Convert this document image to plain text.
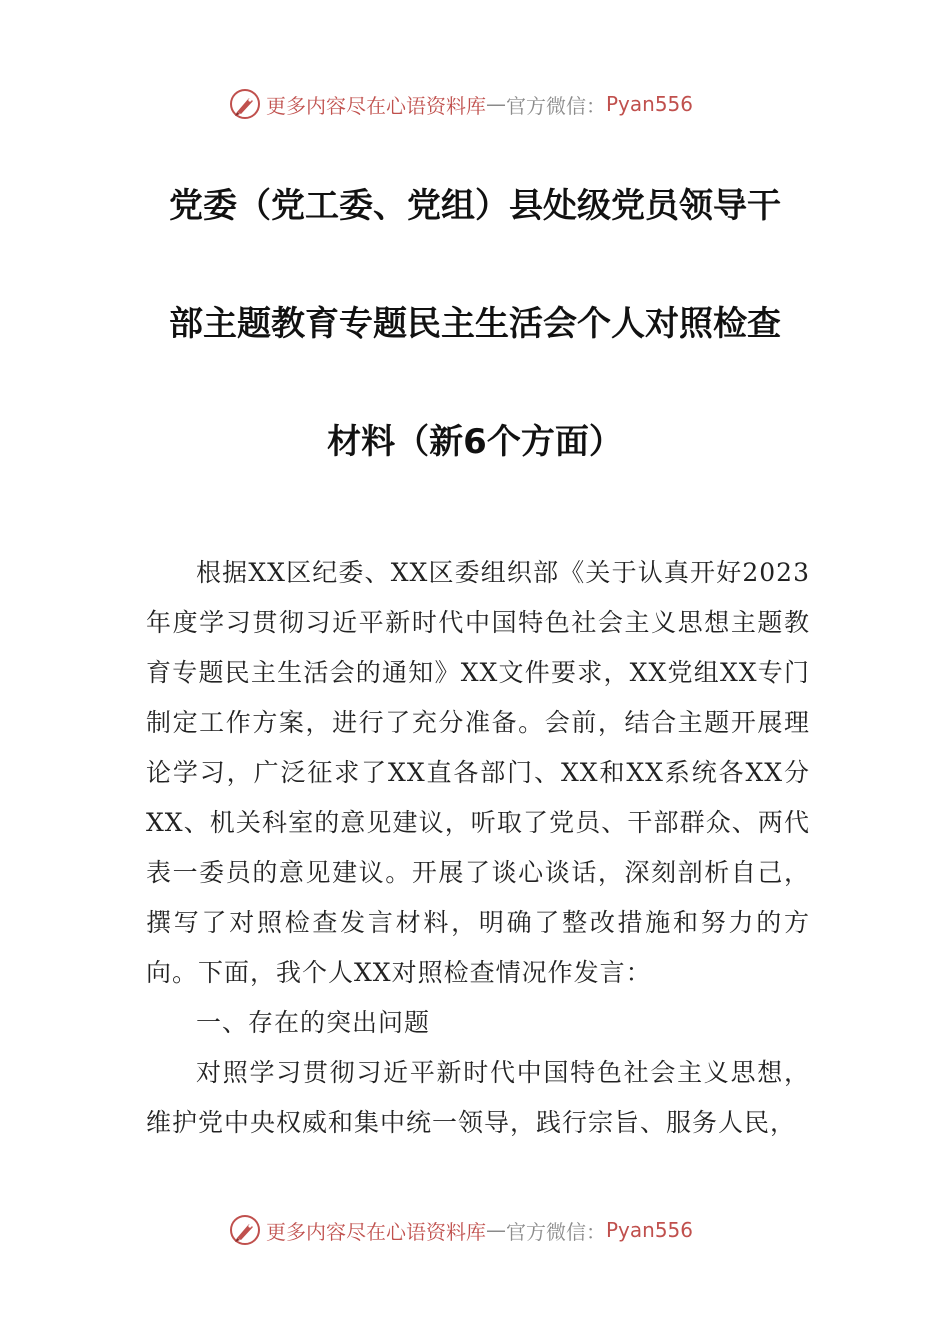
更多内容尽在心语资料库 — 官方微信： Pyan556
党委（党工委、党组）县处级党员领导干
部主题教育专题民主生活会个人对照检查
材料（新6个方面）

根据XX区纪委、XX区委组织部《关于认真开好2023年度学习贯彻习近平新时代中国特色社会主义思想主题教育专题民主生活会的通知》XX文件要求，XX党组XX专门制定工作方案，进行了充分准备。会前，结合主题开展理论学习，广泛征求了XX直各部门、XX和XX系统各XX分XX、机关科室的意见建议，听取了党员、干部群众、两代表一委员的意见建议。开展了谈心谈话，深刻剖析自己，撰写了对照检查发言材料，明确了整改措施和努力的方向。下面，我个人XX对照检查情况作发言：

一、存在的突出问题

对照学习贯彻习近平新时代中国特色社会主义思想，维护党中央权威和集中统一领导，践行宗旨、服务人民，

更多内容尽在心语资料库 — 官方微信： Pyan556
